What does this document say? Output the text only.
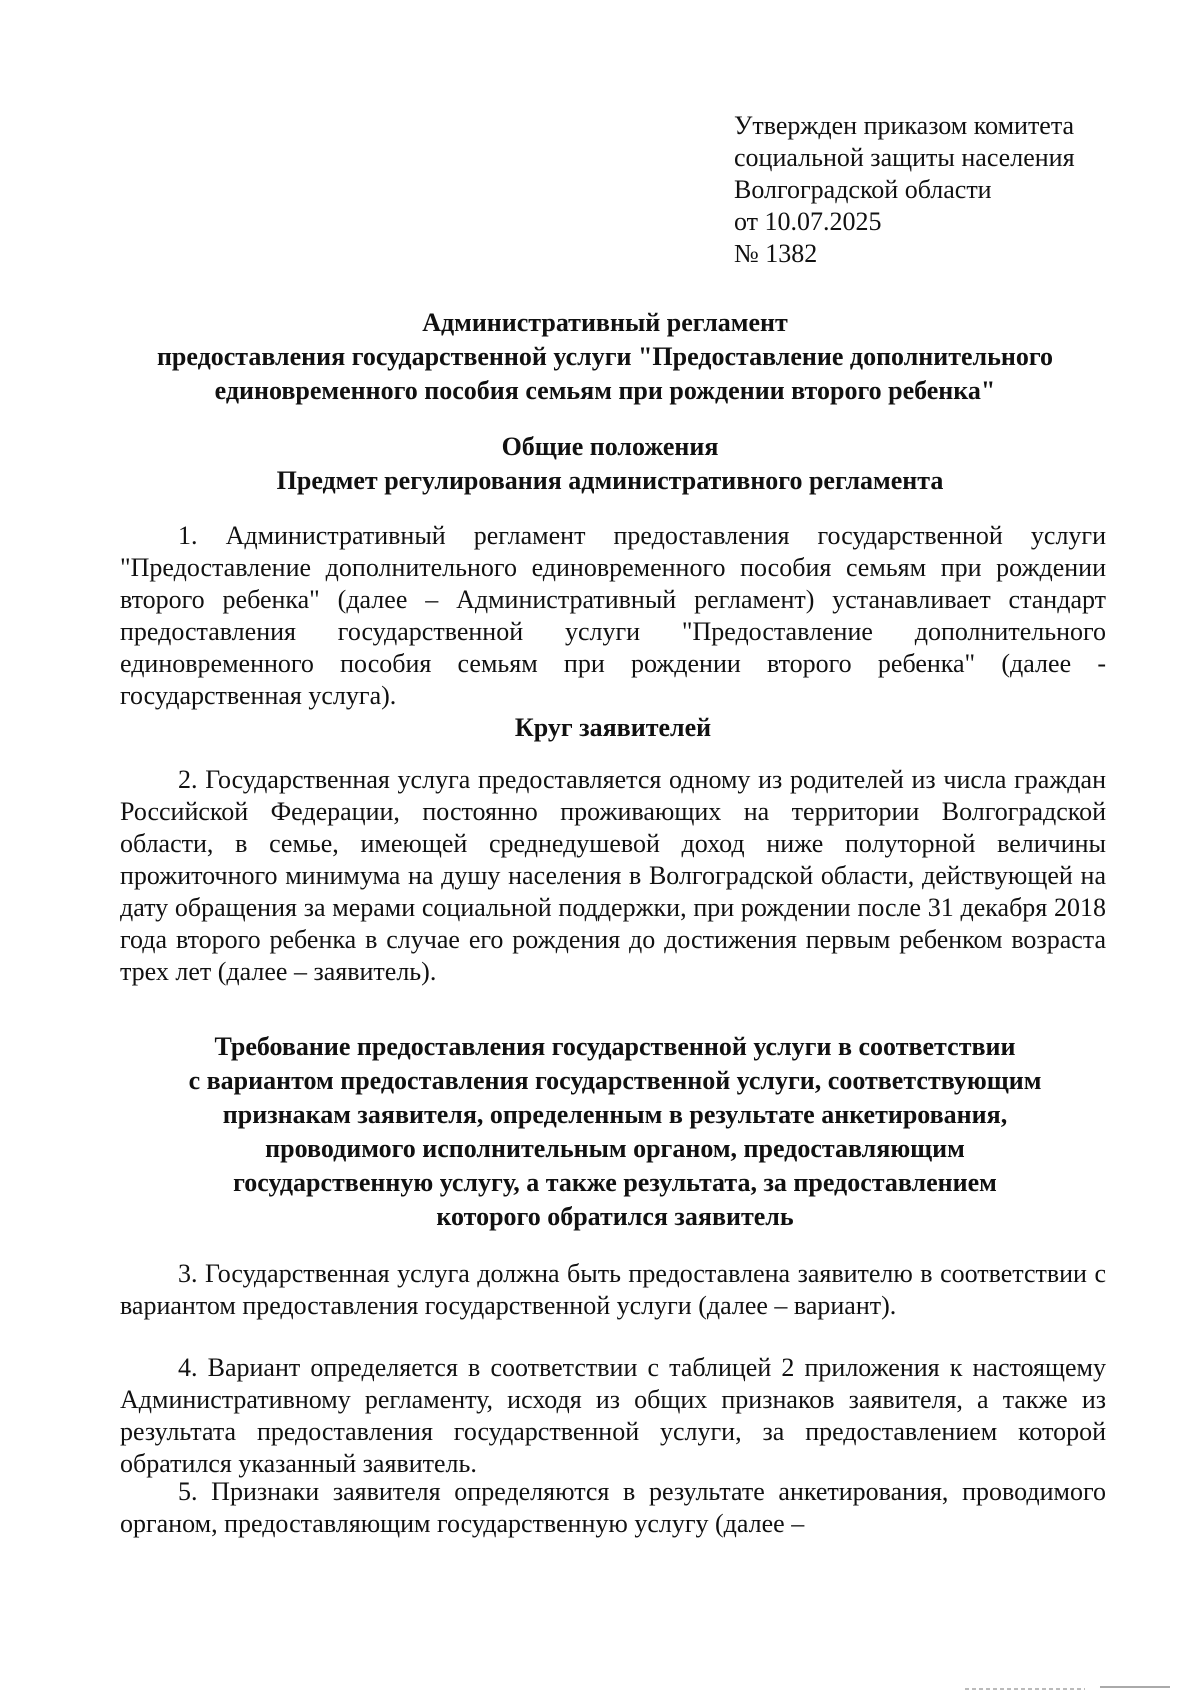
Утвержден приказом комитета
социальной защиты населения
Волгоградской области
от 10.07.2025
№ 1382
Административный регламент
предоставления государственной услуги "Предоставление дополнительного
единовременного пособия семьям при рождении второго ребенка"
Общие положения
Предмет регулирования административного регламента

1. Административный регламент предоставления государственной услуги "Предоставление дополнительного единовременного пособия семьям при рождении второго ребенка" (далее – Административный регламент) устанавливает стандарт предоставления государственной услуги "Предоставление дополнительного единовременного пособия семьям при рождении второго ребенка" (далее - государственная услуга).

Круг заявителей

2. Государственная услуга предоставляется одному из родителей из числа граждан Российской Федерации, постоянно проживающих на территории Волгоградской области, в семье, имеющей среднедушевой доход ниже полуторной величины прожиточного минимума на душу населения в Волгоградской области, действующей на дату обращения за мерами социальной поддержки, при рождении после 31 декабря 2018 года второго ребенка в случае его рождения до достижения первым ребенком возраста трех лет (далее – заявитель).

Требование предоставления государственной услуги в соответствии
с вариантом предоставления государственной услуги, соответствующим
признакам заявителя, определенным в результате анкетирования,
проводимого исполнительным органом, предоставляющим
государственную услугу, а также результата, за предоставлением
которого обратился заявитель

3. Государственная услуга должна быть предоставлена заявителю в соответствии с вариантом предоставления государственной услуги (далее – вариант).

4. Вариант определяется в соответствии с таблицей 2 приложения к настоящему Административному регламенту, исходя из общих признаков заявителя, а также из результата предоставления государственной услуги, за предоставлением которой обратился указанный заявитель.

5. Признаки заявителя определяются в результате анкетирования, проводимого органом, предоставляющим государственную услугу (далее –
